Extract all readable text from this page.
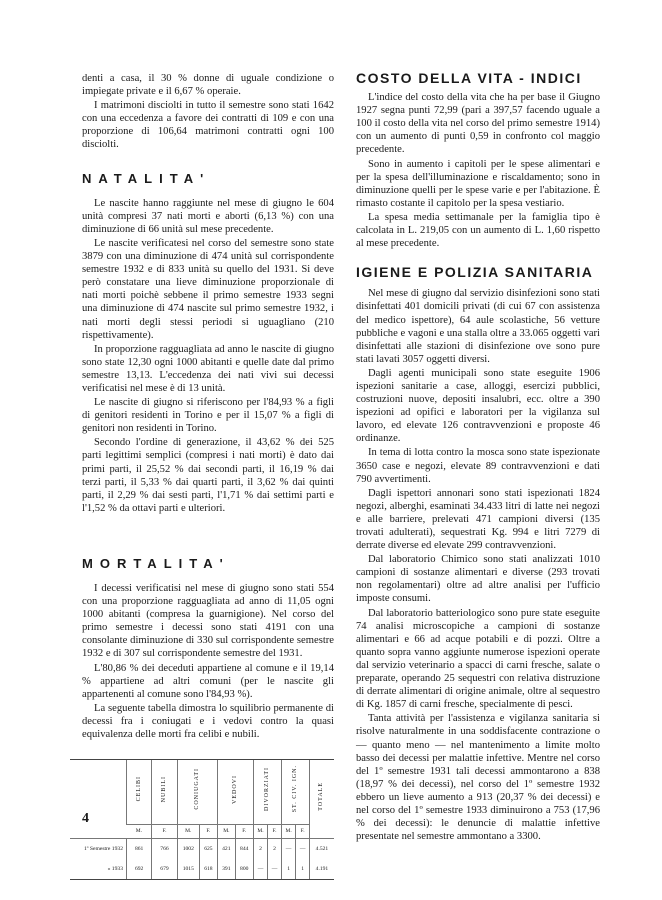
denti a casa, il 30 % donne di uguale condizione o impiegate private e il 6,67 % operaie.

I matrimoni disciolti in tutto il semestre sono stati 1642 con una eccedenza a favore dei contratti di 109 e con una proporzione di 106,64 matrimoni contratti ogni 100 disciolti.

NATALITA'

Le nascite hanno raggiunte nel mese di giugno le 604 unità compresi 37 nati morti e aborti (6,13 %) con una diminuzione di 66 unità sul mese precedente.

Le nascite verificatesi nel corso del semestre sono state 3879 con una diminuzione di 474 unità sul corrispondente semestre 1932 e di 833 unità su quello del 1931. Si deve però constatare una lieve diminuzione proporzionale di nati morti poichè sebbene il primo semestre 1933 segni una diminuzione di 474 nascite sul primo semestre 1932, i nati morti degli stessi periodi si uguagliano (210 rispettivamente).

In proporzione ragguagliata ad anno le nascite di giugno sono state 12,30 ogni 1000 abitanti e quelle date dal primo semestre 13,13. L'eccedenza dei nati vivi sui decessi verificatisi nel mese è di 13 unità.

Le nascite di giugno si riferiscono per l'84,93 % a figli di genitori residenti in Torino e per il 15,07 % a figli di genitori non residenti in Torino.

Secondo l'ordine di generazione, il 43,62 % dei 525 parti legittimi semplici (compresi i nati morti) è dato dai primi parti, il 25,52 % dai secondi parti, il 16,19 % dai terzi parti, il 5,33 % dai quarti parti, il 3,62 % dai quinti parti, il 2,29 % dai sesti parti, l'1,71 % dai settimi parti e l'1,52 % da ottavi parti e ulteriori.

MORTALITA'

I decessi verificatisi nel mese di giugno sono stati 554 con una proporzione ragguagliata ad anno di 11,05 ogni 1000 abitanti (compresa la guarnigione). Nel corso del primo semestre i decessi sono stati 4191 con una consolante diminuzione di 330 sul corrispondente semestre 1932 e di 307 sul corrispondente semestre del 1931.

L'80,86 % dei deceduti appartiene al comune e il 19,14 % appartiene ad altri comuni (per le nascite gli appartenenti al comune sono l'84,93 %).

La seguente tabella dimostra lo squilibrio permanente di decessi fra i coniugati e i vedovi contro la quasi equivalenza delle morti fra celibi e nubili.

	CELIBI	NUBILI	CONIUGATI		VEDOVI		DIVORZIATI		ST. CIV. IGN.		TOTALE
	M.	F.	M.	F.	M.	F.	M.	F.	M.	F.	
1º Semestre 1932	861	766	1002	625	421	844	2	2	—	—	4.521
» 1933	692	679	1015	618	391	800	—	—	1	1	4.191
COSTO DELLA VITA - INDICI

L'indice del costo della vita che ha per base il Giugno 1927 segna punti 72,99 (pari a 397,57 facendo uguale a 100 il costo della vita nel corso del primo semestre 1914) con un aumento di punti 0,59 in confronto col maggio precedente.

Sono in aumento i capitoli per le spese alimentari e per la spesa dell'illuminazione e riscaldamento; sono in diminuzione quelli per le spese varie e per l'abitazione. È rimasto costante il capitolo per la spesa vestiario.

La spesa media settimanale per la famiglia tipo è calcolata in L. 219,05 con un aumento di L. 1,60 rispetto al mese precedente.

IGIENE E POLIZIA SANITARIA

Nel mese di giugno dal servizio disinfezioni sono stati disinfettati 401 domicili privati (di cui 67 con assistenza del medico ispettore), 64 aule scolastiche, 56 vetture pubbliche e vagoni e una stalla oltre a 33.065 oggetti vari disinfettati alle stazioni di disinfezione ove sono pure stati lavati 3057 oggetti diversi.

Dagli agenti municipali sono state eseguite 1906 ispezioni sanitarie a case, alloggi, esercizi pubblici, costruzioni nuove, depositi insalubri, ecc. oltre a 390 ispezioni ad opifici e laboratori per la vigilanza sul lavoro, ed elevate 126 contravvenzioni e proposte 46 ordinanze.

In tema di lotta contro la mosca sono state ispezionate 3650 case e negozi, elevate 89 contravvenzioni e dati 790 avvertimenti.

Dagli ispettori annonari sono stati ispezionati 1824 negozi, alberghi, esaminati 34.433 litri di latte nei negozi e alle barriere, prelevati 471 campioni diversi (135 trovati adulterati), sequestrati Kg. 994 e litri 7279 di derrate diverse ed elevate 299 contravvenzioni.

Dal laboratorio Chimico sono stati analizzati 1010 campioni di sostanze alimentari e diverse (293 trovati non regolamentari) oltre ad altre analisi per l'ufficio imposte consumi.

Dal laboratorio batteriologico sono pure state eseguite 74 analisi microscopiche a campioni di sostanze alimentari e 66 ad acque potabili e di pozzi. Oltre a quanto sopra vanno aggiunte numerose ispezioni operate dal servizio veterinario a spacci di carni fresche, salate o preparate, operando 25 sequestri con relativa distruzione di derrate alimentari di origine animale, oltre al sequestro di Kg. 1857 di carni fresche, specialmente di pesci.

Tanta attività per l'assistenza e vigilanza sanitaria si risolve naturalmente in una soddisfacente contrazione o — quanto meno — nel mantenimento a limite molto basso dei decessi per malattie infettive. Mentre nel corso del 1º semestre 1931 tali decessi ammontarono a 838 (18,97 % dei decessi), nel corso del 1º semestre 1932 ebbero un lieve aumento a 913 (20,37 % dei decessi) e nel corso del 1º semestre 1933 diminuirono a 753 (17,96 % dei decessi): le denuncie di malattie infettive presentate nel semestre ammontano a 3300.

4
